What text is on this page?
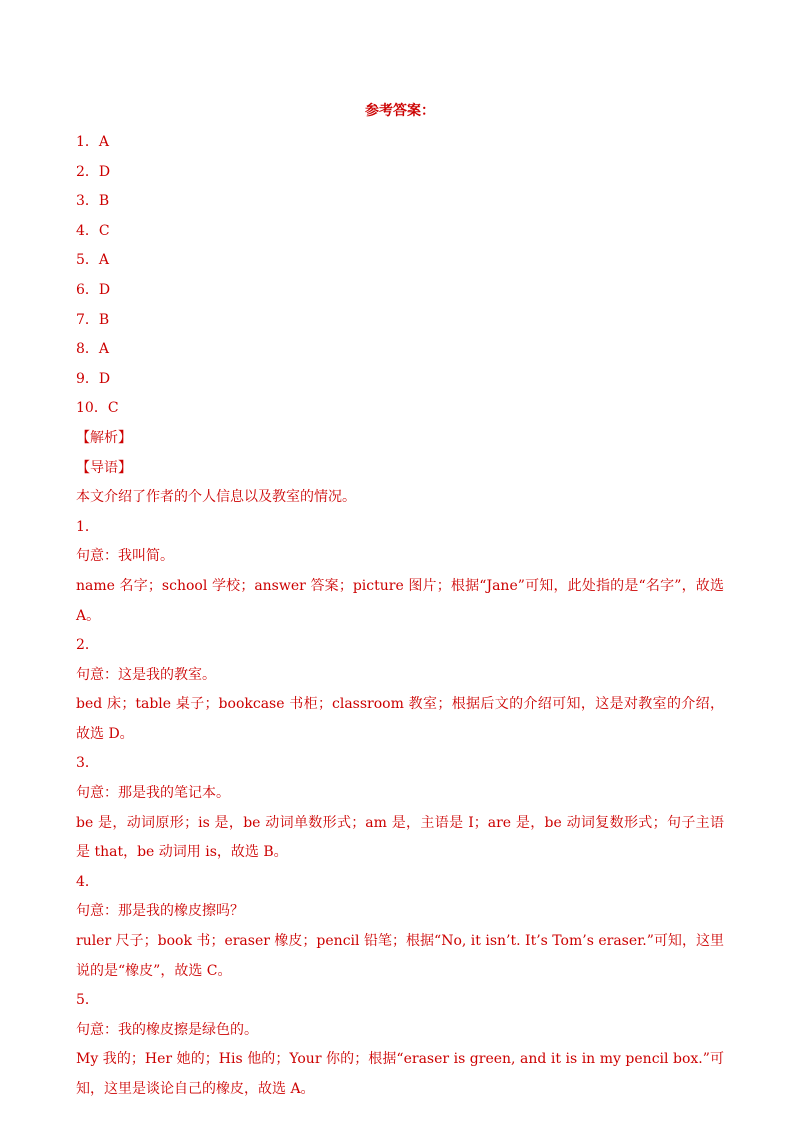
参考答案：
1．A
2．D
3．B
4．C
5．A
6．D
7．B
8．A
9．D
10．C
【解析】
【导语】
本文介绍了作者的个人信息以及教室的情况。
1．
句意：我叫简。
name 名字；school 学校；answer 答案；picture 图片；根据“Jane”可知，此处指的是“名字”，故选 A。
2．
句意：这是我的教室。
bed 床；table 桌子；bookcase 书柜；classroom 教室；根据后文的介绍可知，这是对教室的介绍，故选 D。
3．
句意：那是我的笔记本。
be 是，动词原形；is 是，be 动词单数形式；am 是，主语是 I；are 是，be 动词复数形式；句子主语是 that，be 动词用 is，故选 B。
4．
句意：那是我的橡皮擦吗？
ruler 尺子；book 书；eraser 橡皮；pencil 铅笔；根据“No, it isn’t. It’s Tom’s eraser.”可知，这里说的是“橡皮”，故选 C。
5．
句意：我的橡皮擦是绿色的。
My 我的；Her 她的；His 他的；Your 你的；根据“eraser is green, and it is in my pencil box.”可知，这里是谈论自己的橡皮，故选 A。
